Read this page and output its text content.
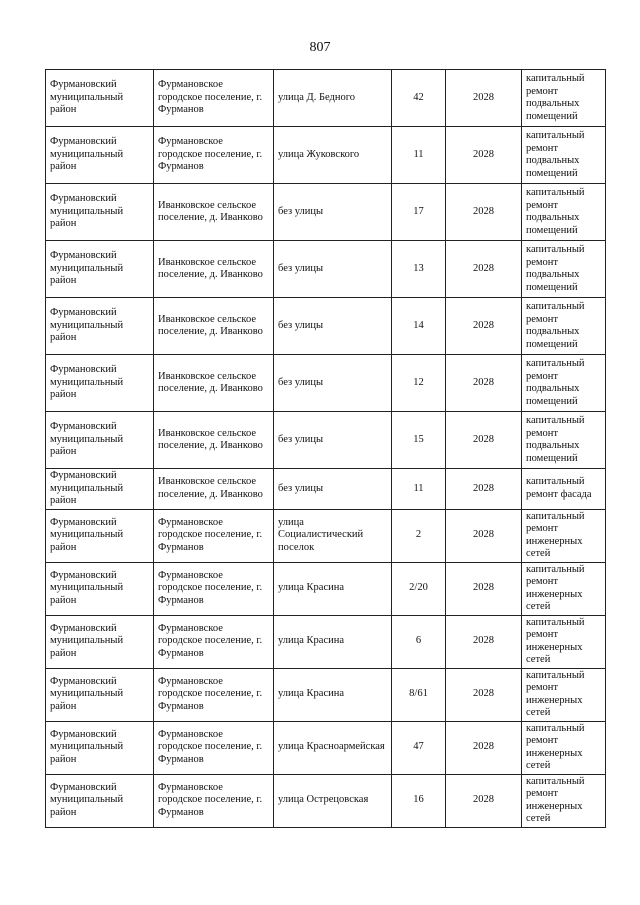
807
Фурмановский муниципальный район	Фурмановское городское поселение, г. Фурманов	улица Д. Бедного	42	2028	капитальный ремонт подвальных помещений
Фурмановский муниципальный район	Фурмановское городское поселение, г. Фурманов	улица Жуковского	11	2028	капитальный ремонт подвальных помещений
Фурмановский муниципальный район	Иванковское сельское поселение, д. Иванково	без улицы	17	2028	капитальный ремонт подвальных помещений
Фурмановский муниципальный район	Иванковское сельское поселение, д. Иванково	без улицы	13	2028	капитальный ремонт подвальных помещений
Фурмановский муниципальный район	Иванковское сельское поселение, д. Иванково	без улицы	14	2028	капитальный ремонт подвальных помещений
Фурмановский муниципальный район	Иванковское сельское поселение, д. Иванково	без улицы	12	2028	капитальный ремонт подвальных помещений
Фурмановский муниципальный район	Иванковское сельское поселение, д. Иванково	без улицы	15	2028	капитальный ремонт подвальных помещений
Фурмановский муниципальный район	Иванковское сельское поселение, д. Иванково	без улицы	11	2028	капитальный ремонт фасада
Фурмановский муниципальный район	Фурмановское городское поселение, г. Фурманов	улица Социалистический поселок	2	2028	капитальный ремонт инженерных сетей
Фурмановский муниципальный район	Фурмановское городское поселение, г. Фурманов	улица Красина	2/20	2028	капитальный ремонт инженерных сетей
Фурмановский муниципальный район	Фурмановское городское поселение, г. Фурманов	улица Красина	6	2028	капитальный ремонт инженерных сетей
Фурмановский муниципальный район	Фурмановское городское поселение, г. Фурманов	улица Красина	8/61	2028	капитальный ремонт инженерных сетей
Фурмановский муниципальный район	Фурмановское городское поселение, г. Фурманов	улица Красноармейская	47	2028	капитальный ремонт инженерных сетей
Фурмановский муниципальный район	Фурмановское городское поселение, г. Фурманов	улица Острецовская	16	2028	капитальный ремонт инженерных сетей
